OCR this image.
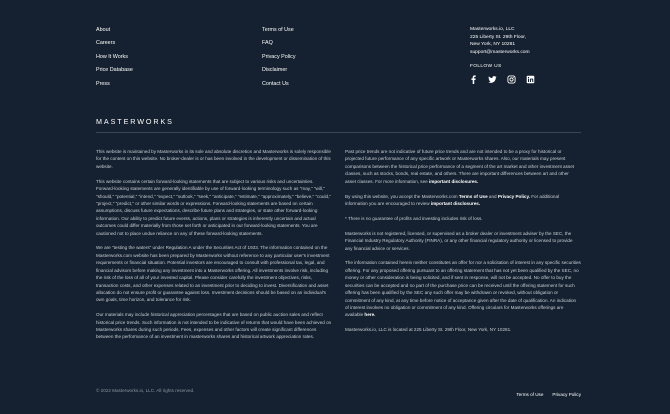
About
Careers
How It Works
Price Database
Press
Terms of Use
FAQ
Privacy Policy
Disclaimer
Contact Us
Masterworks.io, LLC
225 Liberty St. 29th Floor,
New York, NY 10281
support@masterworks.com
FOLLOW US
MASTERWORKS

This website is maintained by Masterworks in its sole and absolute discretion and Masterworks is solely responsible for the content on this website. No broker-dealer is or has been involved in the development or dissemination of this website.

This website contains certain forward-looking statements that are subject to various risks and uncertainties. Forward-looking statements are generally identifiable by use of forward-looking terminology such as "may," "will," "should," "potential," "intend," "expect," "outlook," "seek," "anticipate," "estimate," "approximately," "believe," "could," "project," "predict," or other similar words or expressions. Forward-looking statements are based on certain assumptions, discuss future expectations, describe future plans and strategies, or state other forward-looking information. Our ability to predict future events, actions, plans or strategies is inherently uncertain and actual outcomes could differ materially from those set forth or anticipated in our forward-looking statements. You are cautioned not to place undue reliance on any of these forward-looking statements.

We are "testing the waters" under Regulation A under the Securities Act of 1933. The information contained on the Masterworks.com website has been prepared by Masterworks without reference to any particular user's investment requirements or financial situation. Potential investors are encouraged to consult with professional tax, legal, and financial advisors before making any investment into a Masterworks offering. All investments involve risk, including the risk of the loss of all of your invested capital. Please consider carefully the investment objectives, risks, transaction costs, and other expenses related to an investment prior to deciding to invest. Diversification and asset allocation do not ensure profit or guarantee against loss. Investment decisions should be based on an individual's own goals, time horizon, and tolerance for risk.

Our materials may include historical appreciation percentages that are based on public auction sales and reflect historical price trends. Such information is not intended to be indicative of returns that would have been achieved on Masterworks shares during such periods. Fees, expenses and other factors will create significant differences between the performance of an investment in masterworks shares and historical artwork appreciation rates.

Past price trends are not indicative of future price trends and are not intended to be a proxy for historical or projected future performance of any specific artwork or Masterworks shares. Also, our materials may present comparisons between the historical price performance of a segment of the art market and other investment asset classes, such as stocks, bonds, real estate, and others. There are important differences between art and other asset classes. For more information, see important disclosures.

By using this website, you accept the Masterworks.com Terms of Use and Privacy Policy. For additional information you are encouraged to review important disclosures.

* There is no guarantee of profits and investing includes risk of loss.

Masterworks is not registered, licensed, or supervised as a broker dealer or investment adviser by the SEC, the Financial Industry Regulatory Authority (FINRA), or any other financial regulatory authority or licensed to provide any financial advice or services.

The information contained herein neither constitutes an offer for nor a solicitation of interest in any specific securities offering. For any proposed offering pursuant to an offering statement that has not yet been qualified by the SEC, no money or other consideration is being solicited, and if sent in response, will not be accepted. No offer to buy the securities can be accepted and no part of the purchase price can be received until the offering statement for such offering has been qualified by the SEC any such offer may be withdrawn or revoked, without obligation or commitment of any kind, at any time before notice of acceptance given after the date of qualification. An indication of interest involves no obligation or commitment of any kind. Offering circulars for Masterworks offerings are available here.

Masterworks.io, LLC is located at 225 Liberty St. 29th Floor, New York, NY 10281.

© 2022 Masterworks.io, LLC. All rights reserved.
Terms of Use Privacy Policy
